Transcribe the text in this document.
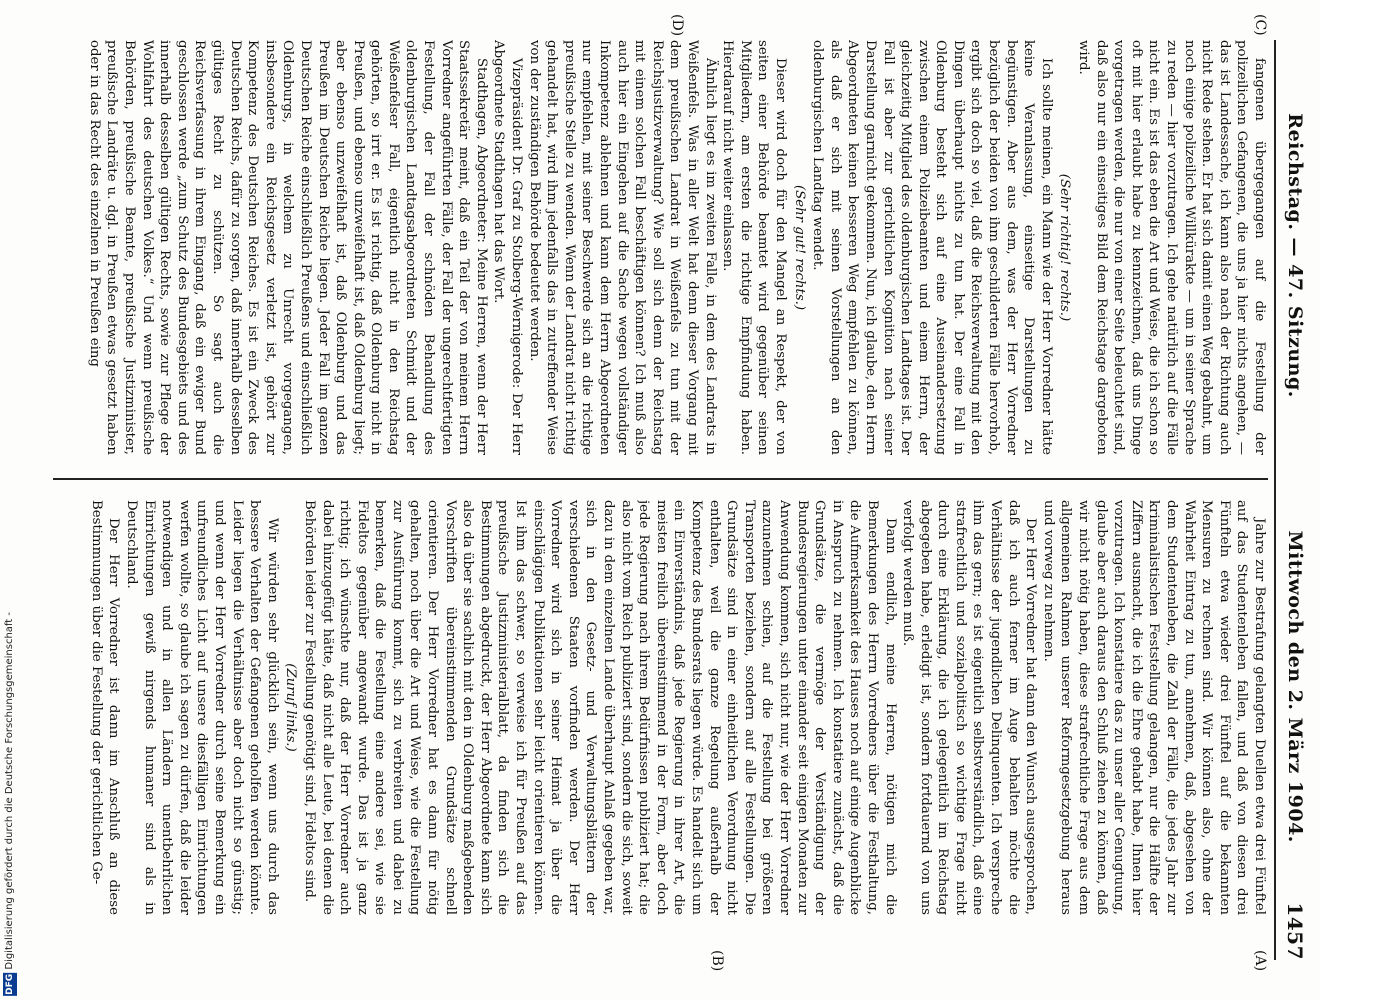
Reichstag. — 47. Sitzung.
Mittwoch den 2. März 1904.
1457
(A)
(B)
(C)
(D)

Jahre zur Bestrafung gelangten Duellen etwa drei Fünftel auf das Studentenleben fallen, und daß von diesen drei Fünfteln etwa wieder drei Fünftel auf die bekannten Mensuren zu rechnen sind. Wir können also, ohne der Wahrheit Eintrag zu tun, annehmen, daß, abgesehen von dem Studentenleben, die Zahl der Fälle, die jedes Jahr zur kriminalistischen Feststellung gelangen, nur die Hälfte der Ziffern ausmacht, die ich die Ehre gehabt habe, Ihnen hier vorzutragen. Ich konstatiere das zu unser aller Genugtuung, glaube aber auch daraus den Schluß ziehen zu können, daß wir nicht nötig haben, diese strafrechtliche Frage aus dem allgemeinen Rahmen unserer Reformgesetzgebung heraus und vorweg zu nehmen.

Der Herr Vorredner hat dann den Wunsch ausgesprochen, daß ich auch ferner im Auge behalten möchte die Verhältnisse der jugendlichen Delinquenten. Ich verspreche ihm das gern; es ist eigentlich selbstverständlich, daß eine strafrechtlich und sozialpolitisch so wichtige Frage nicht durch eine Erklärung, die ich gelegentlich im Reichstag abgegeben habe, erledigt ist, sondern fortdauernd von uns verfolgt werden muß.

Dann endlich, meine Herren, nötigen mich die Bemerkungen des Herrn Vorredners über die Festhaltung, die Aufmerksamkeit des Hauses noch auf einige Augenblicke in Anspruch zu nehmen. Ich konstatiere zunächst, daß die Grundsätze, die vermöge der Verständigung der Bundesregierungen unter einander seit einigen Monaten zur Anwendung kommen, sich nicht nur, wie der Herr Vorredner anzunehmen schien, auf die Festellung bei größeren Transporten beziehen, sondern auf alle Festellungen. Die Grundsätze sind in einer einheitlichen Verordnung nicht enthalten, weil die ganze Regelung außerhalb der Kompetenz des Bundesrats liegen würde. Es handelt sich um ein Einverständnis, daß jede Regierung in ihrer Art, die meisten freilich übereinstimmend in der Form, aber doch jede Regierung nach ihrem Bedürfnissen publiziert hat; die also nicht vom Reich publiziert sind, sondern die sich, soweit dazu in dem einzelnen Lande überhaupt Anlaß gegeben war, sich in den Gesetz- und Verwaltungsblättern der verschiedenen Staaten vorfinden werden. Der Herr Vorredner wird sich in seiner Heimat ja über die einschlägigen Publikationen sehr leicht orientieren können. Ist ihm das schwer, so verweise ich für Preußen auf das preußische Justizministerialblatt, da finden sich die Bestimmungen abgedruckt, der Herr Abgeordnete kann sich also da über sie sachlich mit den in Oldenburg maßgebenden Vorschriften übereinstimmenden Grundsätze schnell orientieren. Der Herr Vorredner hat es dann für nötig gehalten, noch über die Art und Weise, wie die Festellung zur Ausführung kommt, sich zu verbreiten und dabei zu bemerken, daß die Festellung eine andere sei, wie sie Fideltos gegenüber angewandt wurde. Das ist ja ganz richtig; ich wünschte nur, daß der Herr Vorredner auch dabei hinzugefügt hätte, daß nicht alle Leute, bei denen die Behörden leider zur Festellung genötigt sind, Fideltos sind.

(Zuruf links.)

Wir würden sehr glücklich sein, wenn uns durch das bessere Verhalten der Gefangenen geholfen werden könnte. Leider liegen die Verhältnisse aber doch nicht so günstig; und wenn der Herr Vorredner durch seine Bemerkung ein unfreundliches Licht auf unsere diesfälligen Einrichtungen werfen wollte, so glaube ich sagen zu dürfen, daß die leider notwendigen und in allen Ländern unentbehrlichen Einrichtungen gewiß nirgends humaner sind als in Deutschland.

Der Herr Vorredner ist dann im Anschluß an diese Bestimmungen über die Festellung der gerichtlichen Ge-

fangenen übergegangen auf die Festellung der polizeilichen Gefangenen, die uns ja hier nichts angehen, — das ist Landessache, ich kann also nach der Richtung auch nicht Rede stehen. Er hat sich damit einen Weg gebahnt, um noch einige polizeiliche Willkürakte — um in seiner Sprache zu reden — hier vorzutragen. Ich gehe natürlich auf die Fälle nicht ein. Es ist das eben die Art und Weise, die ich schon so oft mit hier erlaubt habe zu kennzeichnen, daß uns Dinge vorgetragen werden, die nur von einer Seite beleuchtet sind, daß also nur ein einseitiges Bild dem Reichstage dargeboten wird.

(Sehr richtig! rechts.)

Ich sollte meinen, ein Mann wie der Herr Vorredner hätte keine Veranlassung, einseitige Darstellungen zu begünstigen. Aber aus dem, was der Herr Vorredner bezüglich der beiden von ihm geschilderten Fälle hervorhob, ergibt sich doch so viel, daß die Reichsverwaltung mit den Dingen überhaupt nichts zu tun hat. Der eine Fall in Oldenburg besteht sich auf eine Auseinandersetzung zwischen einem Polizeibeamten und einem Herrn, der gleichzeitig Mitglied des oldenburgischen Landtages ist. Der Fall ist aber zur gerichtlichen Kognition nach seiner Darstellung garnicht gekommen. Nun, ich glaube, den Herrn Abgeordneten keinen besseren Weg empfehlen zu können, als daß er sich mit seinen Vorstellungen an den oldenburgischen Landtag wendet.

(Sehr gut! rechts.)

Dieser wird doch für den Mangel an Respekt, der von seiten einer Behörde beamtet wird gegenüber seinen Mitgliedern, am ersten die richtige Empfindung haben. Hierdarauf nicht weiter einlassen.

Ähnlich liegt es im zweiten Falle, in dem des Landrats in Weißenfels. Was in aller Welt hat denn dieser Vorgang mit dem preußischen Landrat in Weißenfels zu tun mit der Reichsjustizverwaltung? Wie soll sich denn der Reichstag mit einem solchen Fall beschäftigen können? Ich muß also auch hier ein Eingehen auf die Sache wegen vollständiger Inkompetenz ablehnen und kann dem Herrn Abgeordneten nur empfehlen, mit seiner Beschwerde sich an die richtige preußische Stelle zu wenden. Wenn der Landrat nicht richtig gehandelt hat, wird ihm jedenfalls das in zutreffender Weise von der zuständigen Behörde bedeutet werden.

Vizepräsident Dr. Graf zu Stolberg-Wernigerode: Der Herr Abgeordnete Stadthagen hat das Wort.

Stadthagen, Abgeordneter: Meine Herren, wenn der Herr Staatssekretär meint, daß ein Teil der von meinem Herrn Vorredner angeführten Fälle, der Fall der ungerechtfertigten Festellung, der Fall der schnöden Behandlung des oldenburgischen Landtagsabgeordneten Schmidt und der Weißenfelser Fall, eigentlich nicht in den Reichstag gehörten, so irrt er. Es ist richtig, daß Oldenburg nicht in Preußen, und ebenso unzweifelhaft ist, daß Oldenburg liegt; aber ebenso unzweifelhaft ist, daß Oldenburg und das Preußen im Deutschen Reiche liegen. Jeder Fall im ganzen Deutschen Reiche einschließlich Preußens und einschließlich Oldenburgs, in welchem zu Unrecht vorgegangen, insbesondere ein Reichsgesetz verletzt ist, gehört zur Kompetenz des Deutschen Reiches. Es ist ein Zweck des Deutschen Reichs, dafür zu sorgen, daß innerhalb desselben gültiges Recht zu schützen. So sagt auch die Reichsverfassung in ihrem Eingang, daß ein ewiger Bund geschlossen werde „zum Schutz des Bundesgebiets und des innerhalb desselben gültigen Rechts, sowie zur Pflege der Wohlfahrt des deutschen Volkes.“ Und wenn preußische Behörden, preußische Beamte, preußische Justizminister, preußische Landräte u. dgl. in Preußen etwas gesetzt haben oder in das Recht des einzelnen in Preußen eing

DFG Digitalisierung gefördert durch die Deutsche Forschungsgemeinschaft -
